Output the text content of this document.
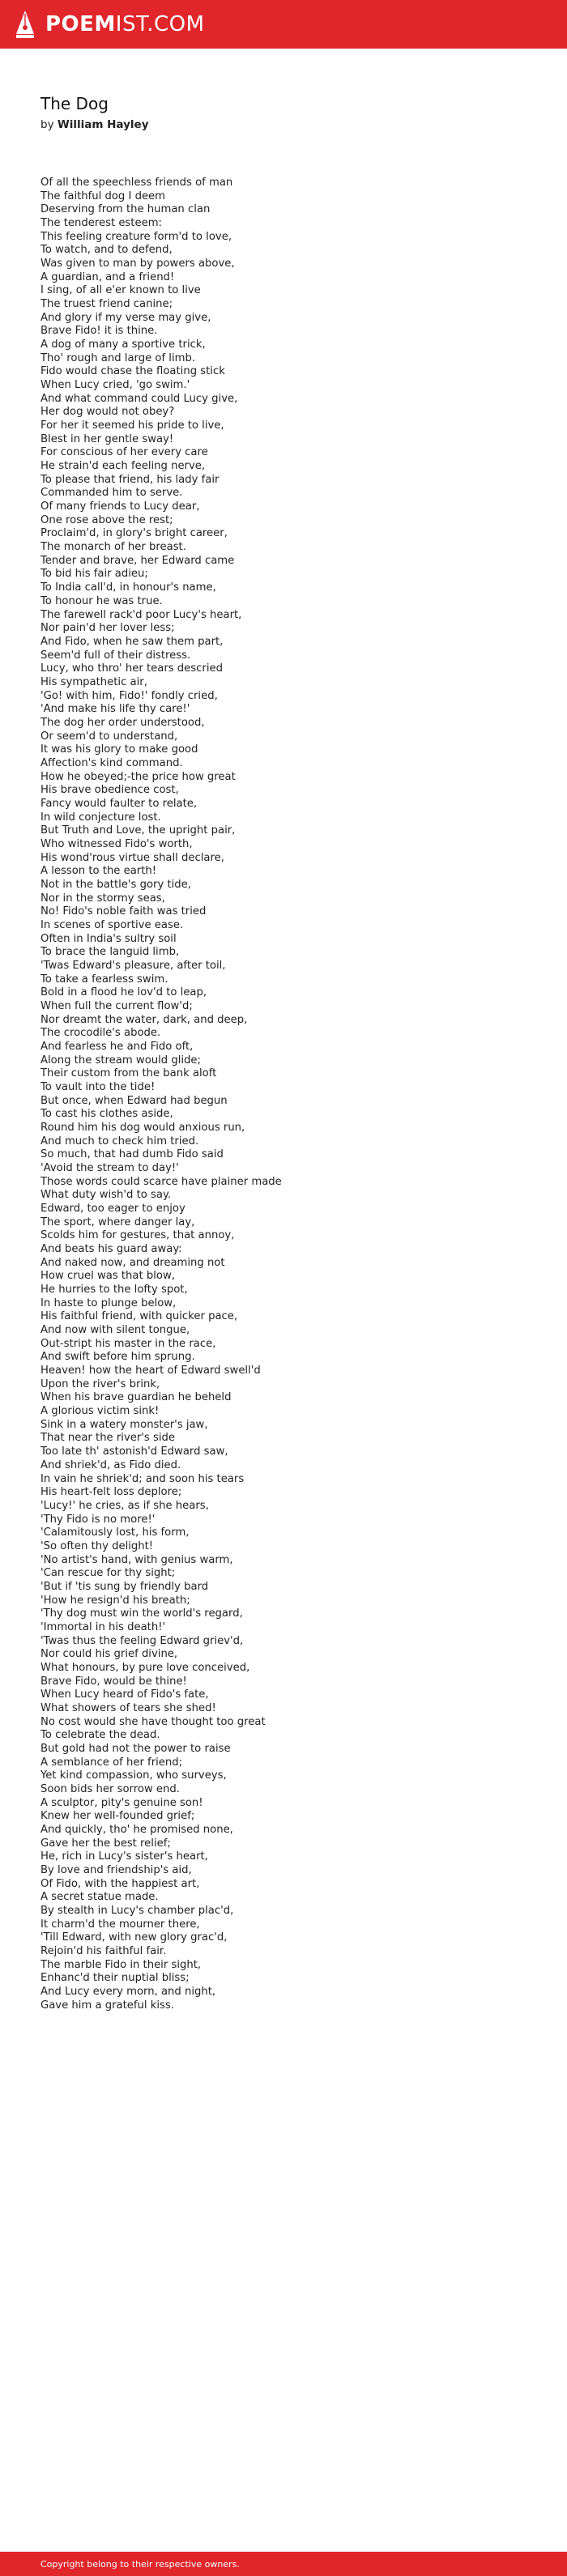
POEMIST.COM
The Dog
by William Hayley
Of all the speechless friends of man
The faithful dog I deem
Deserving from the human clan
The tenderest esteem:
This feeling creature form'd to love,
To watch, and to defend,
Was given to man by powers above,
A guardian, and a friend!
I sing, of all e'er known to live
The truest friend canine;
And glory if my verse may give,
Brave Fido! it is thine.
A dog of many a sportive trick,
Tho' rough and large of limb.
Fido would chase the floating stick
When Lucy cried, 'go swim.'
And what command could Lucy give,
Her dog would not obey?
For her it seemed his pride to live,
Blest in her gentle sway!
For conscious of her every care
He strain'd each feeling nerve,
To please that friend, his lady fair
Commanded him to serve.
Of many friends to Lucy dear,
One rose above the rest;
Proclaim'd, in glory's bright career,
The monarch of her breast.
Tender and brave, her Edward came
To bid his fair adieu;
To India call'd, in honour's name,
To honour he was true.
The farewell rack'd poor Lucy's heart,
Nor pain'd her lover less;
And Fido, when he saw them part,
Seem'd full of their distress.
Lucy, who thro' her tears descried
His sympathetic air,
'Go! with him, Fido!' fondly cried,
'And make his life thy care!'
The dog her order understood,
Or seem'd to understand,
It was his glory to make good
Affection's kind command.
How he obeyed;-the price how great
His brave obedience cost,
Fancy would faulter to relate,
In wild conjecture lost.
But Truth and Love, the upright pair,
Who witnessed Fido's worth,
His wond'rous virtue shall declare,
A lesson to the earth!
Not in the battle's gory tide,
Nor in the stormy seas,
No! Fido's noble faith was tried
In scenes of sportive ease.
Often in India's sultry soil
To brace the languid limb,
'Twas Edward's pleasure, after toil,
To take a fearless swim.
Bold in a flood he lov'd to leap,
When full the current flow'd;
Nor dreamt the water, dark, and deep,
The crocodile's abode.
And fearless he and Fido oft,
Along the stream would glide;
Their custom from the bank aloft
To vault into the tide!
But once, when Edward had begun
To cast his clothes aside,
Round him his dog would anxious run,
And much to check him tried.
So much, that had dumb Fido said
'Avoid the stream to day!'
Those words could scarce have plainer made
What duty wish'd to say.
Edward, too eager to enjoy
The sport, where danger lay,
Scolds him for gestures, that annoy,
And beats his guard away:
And naked now, and dreaming not
How cruel was that blow,
He hurries to the lofty spot,
In haste to plunge below,
His faithful friend, with quicker pace,
And now with silent tongue,
Out-stript his master in the race,
And swift before him sprung.
Heaven! how the heart of Edward swell'd
Upon the river's brink,
When his brave guardian he beheld
A glorious victim sink!
Sink in a watery monster's jaw,
That near the river's side
Too late th' astonish'd Edward saw,
And shriek'd, as Fido died.
In vain he shriek'd; and soon his tears
His heart-felt loss deplore;
'Lucy!' he cries, as if she hears,
'Thy Fido is no more!'
'Calamitously lost, his form,
'So often thy delight!
'No artist's hand, with genius warm,
'Can rescue for thy sight;
'But if 'tis sung by friendly bard
'How he resign'd his breath;
'Thy dog must win the world's regard,
'Immortal in his death!'
'Twas thus the feeling Edward griev'd,
Nor could his grief divine,
What honours, by pure love conceived,
Brave Fido, would be thine!
When Lucy heard of Fido's fate,
What showers of tears she shed!
No cost would she have thought too great
To celebrate the dead.
But gold had not the power to raise
A semblance of her friend;
Yet kind compassion, who surveys,
Soon bids her sorrow end.
A sculptor, pity's genuine son!
Knew her well-founded grief;
And quickly, tho' he promised none,
Gave her the best relief;
He, rich in Lucy's sister's heart,
By love and friendship's aid,
Of Fido, with the happiest art,
A secret statue made.
By stealth in Lucy's chamber plac'd,
It charm'd the mourner there,
'Till Edward, with new glory grac'd,
Rejoin'd his faithful fair.
The marble Fido in their sight,
Enhanc'd their nuptial bliss;
And Lucy every morn, and night,
Gave him a grateful kiss.
Copyright belong to their respective owners.
